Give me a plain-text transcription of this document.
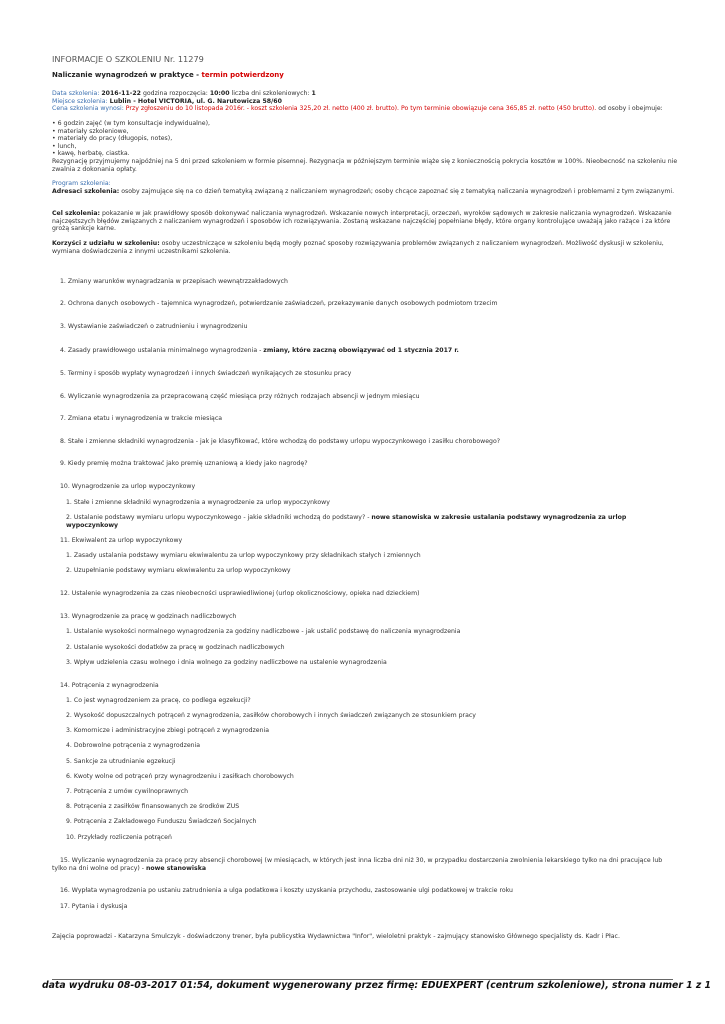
INFORMACJE O SZKOLENIU Nr. 11279
Naliczanie wynagrodzeń w praktyce - termin potwierdzony
Data szkolenia: 2016-11-22 godzina rozpoczęcia: 10:00 liczba dni szkoleniowych: 1
Miejsce szkolenia: Lublin - Hotel VICTORIA, ul. G. Narutowicza 58/60
Cena szkolenia wynosi: Przy zgłoszeniu do 10 listopada 2016r. - koszt szkolenia 325,20 zł. netto (400 zł. brutto). Po tym terminie obowiązuje cena 365,85 zł. netto (450 brutto). od osoby i obejmuje:
• 6 godzin zajęć (w tym konsultacje indywidualne),
• materiały szkoleniowe,
• materiały do pracy (długopis, notes),
• lunch,
• kawę, herbatę, ciastka.
Rezygnację przyjmujemy najpóźniej na 5 dni przed szkoleniem w formie pisemnej. Rezygnacja w późniejszym terminie wiąże się z koniecznością pokrycia kosztów w 100%. Nieobecność na szkoleniu nie zwalnia z dokonania opłaty.
Program szkolenia:
Adresaci szkolenia: osoby zajmujące się na co dzień tematyką związaną z naliczaniem wynagrodzeń; osoby chcące zapoznać się z tematyką naliczania wynagrodzeń i problemami z tym związanymi.
Cel szkolenia: pokazanie w jak prawidłowy sposób dokonywać naliczania wynagrodzeń. Wskazanie nowych interpretacji, orzeczeń, wyroków sądowych w zakresie naliczania wynagrodzeń. Wskazanie najczęstszych błędów związanych z naliczaniem wynagrodzeń i sposobów ich rozwiązywania. Zostaną wskazane najczęściej popełniane błędy, które organy kontrolujące uważają jako rażące i za które grożą sankcje karne.
Korzyści z udziału w szkoleniu: osoby uczestniczące w szkoleniu będą mogły poznać sposoby rozwiązywania problemów związanych z naliczaniem wynagrodzeń. Możliwość dyskusji w szkoleniu, wymiana doświadczenia z innymi uczestnikami szkolenia.
1. Zmiany warunków wynagradzania w przepisach wewnątrzzakładowych
2. Ochrona danych osobowych - tajemnica wynagrodzeń, potwierdzanie zaświadczeń, przekazywanie danych osobowych podmiotom trzecim
3. Wystawianie zaświadczeń o zatrudnieniu i wynagrodzeniu
4. Zasady prawidłowego ustalania minimalnego wynagrodzenia - zmiany, które zaczną obowiązywać od 1 stycznia 2017 r.
5. Terminy i sposób wypłaty wynagrodzeń i innych świadczeń wynikających ze stosunku pracy
6. Wyliczanie wynagrodzenia za przepracowaną część miesiąca przy różnych rodzajach absencji w jednym miesiącu
7. Zmiana etatu i wynagrodzenia w trakcie miesiąca
8. Stałe i zmienne składniki wynagrodzenia - jak je klasyfikować, które wchodzą do podstawy urlopu wypoczynkowego i zasiłku chorobowego?
9. Kiedy premię można traktować jako premię uznaniową a kiedy jako nagrodę?
10. Wynagrodzenie za urlop wypoczynkowy
1. Stałe i zmienne składniki wynagrodzenia a wynagrodzenie za urlop wypoczynkowy
2. Ustalanie podstawy wymiaru urlopu wypoczynkowego - jakie składniki wchodzą do podstawy? - nowe stanowiska w zakresie ustalania podstawy wynagrodzenia za urlop wypoczynkowy
11. Ekwiwalent za urlop wypoczynkowy
1. Zasady ustalania podstawy wymiaru ekwiwalentu za urlop wypoczynkowy przy składnikach stałych i zmiennych
2. Uzupełnianie podstawy wymiaru ekwiwalentu za urlop wypoczynkowy
12. Ustalenie wynagrodzenia za czas nieobecności usprawiedliwionej (urlop okolicznościowy, opieka nad dzieckiem)
13. Wynagrodzenie za pracę w godzinach nadliczbowych
1. Ustalanie wysokości normalnego wynagrodzenia za godziny nadliczbowe - jak ustalić podstawę do naliczenia wynagrodzenia
2. Ustalanie wysokości dodatków za pracę w godzinach nadliczbowych
3. Wpływ udzielenia czasu wolnego i dnia wolnego za godziny nadliczbowe na ustalenie wynagrodzenia
14. Potrącenia z wynagrodzenia
1. Co jest wynagrodzeniem za pracę, co podlega egzekucji?
2. Wysokość dopuszczalnych potrąceń z wynagrodzenia, zasiłków chorobowych i innych świadczeń związanych ze stosunkiem pracy
3. Komornicze i administracyjne zbiegi potrąceń z wynagrodzenia
4. Dobrowolne potrącenia z wynagrodzenia
5. Sankcje za utrudnianie egzekucji
6. Kwoty wolne od potrąceń przy wynagrodzeniu i zasiłkach chorobowych
7. Potrącenia z umów cywilnoprawnych
8. Potrącenia z zasiłków finansowanych ze środków ZUS
9. Potrącenia z Zakładowego Funduszu Świadczeń Socjalnych
10. Przykłady rozliczenia potrąceń
15. Wyliczanie wynagrodzenia za pracę przy absencji chorobowej (w miesiącach, w których jest inna liczba dni niż 30, w przypadku dostarczenia zwolnienia lekarskiego tylko na dni pracujące lub tylko na dni wolne od pracy) - nowe stanowiska
16. Wypłata wynagrodzenia po ustaniu zatrudnienia a ulga podatkowa i koszty uzyskania przychodu, zastosowanie ulgi podatkowej w trakcie roku
17. Pytania i dyskusja
Zajęcia poprowadzi - Katarzyna Smulczyk - doświadczony trener, była publicystka Wydawnictwa "Infor", wieloletni praktyk - zajmujący stanowisko Głównego specjalisty ds. Kadr i Płac.
data wydruku 08-03-2017 01:54, dokument wygenerowany przez firmę: EDUEXPERT (centrum szkoleniowe), strona numer 1 z 1
